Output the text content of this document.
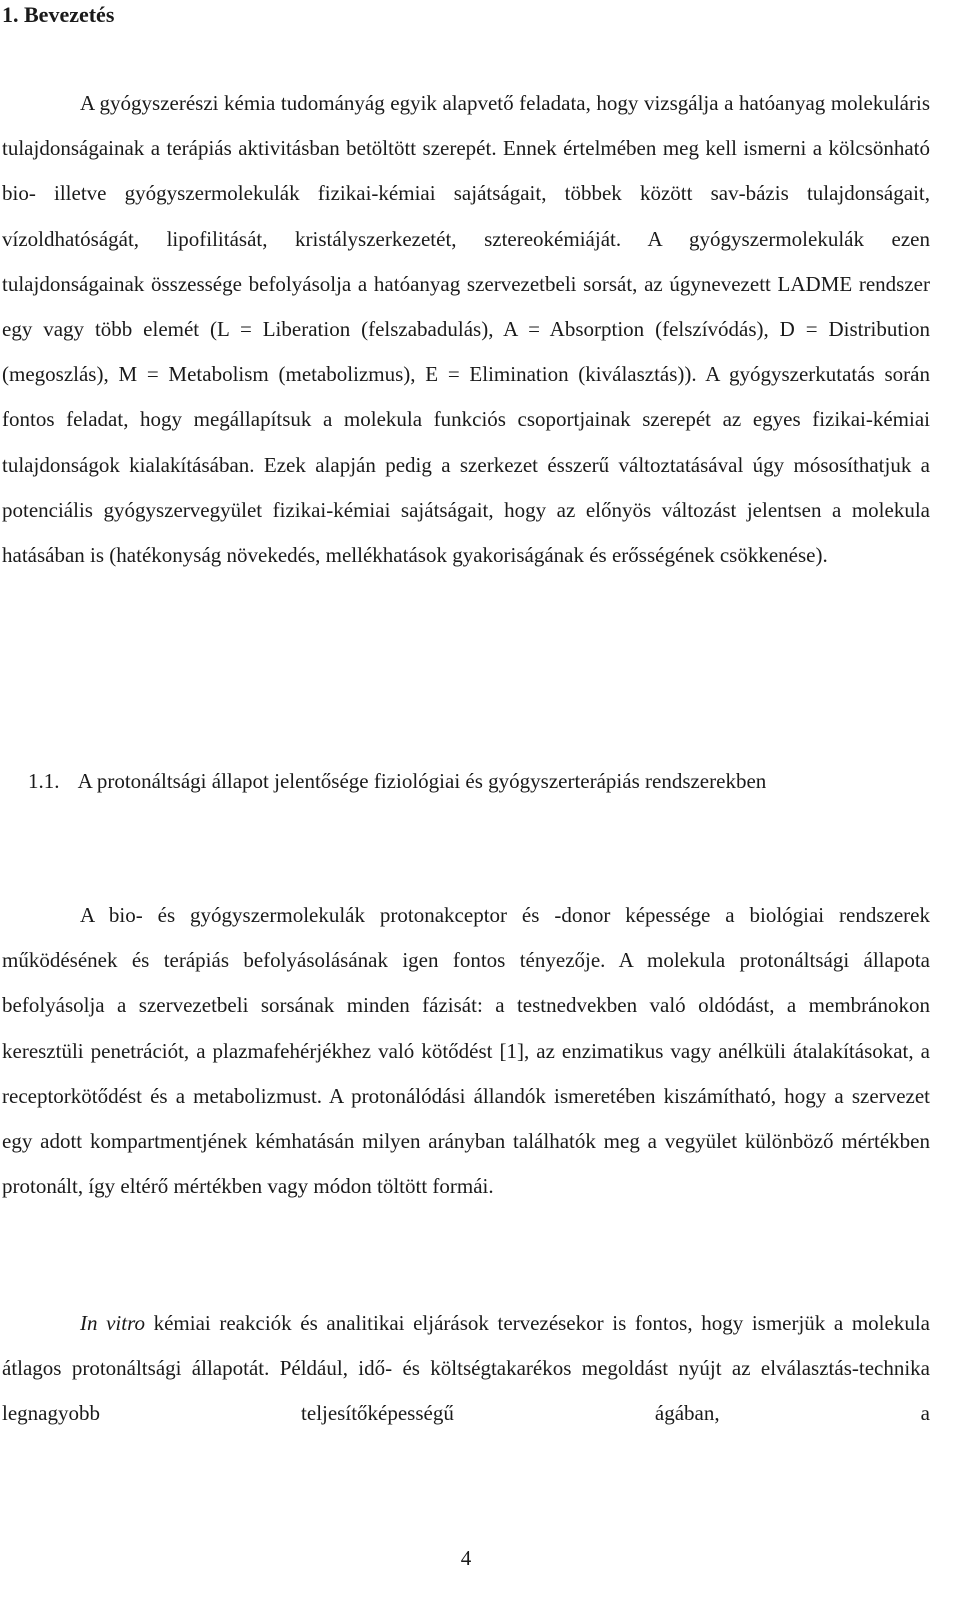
1. Bevezetés

A gyógyszerészi kémia tudományág egyik alapvető feladata, hogy vizsgálja a hatóanyag molekuláris tulajdonságainak a terápiás aktivitásban betöltött szerepét. Ennek értelmében meg kell ismerni a kölcsönható bio- illetve gyógyszermolekulák fizikai-kémiai sajátságait, többek között sav-bázis tulajdonságait, vízoldhatóságát, lipofilitását, kristályszerkezetét, sztereokémiáját. A gyógyszermolekulák ezen tulajdonságainak összessége befolyásolja a hatóanyag szervezetbeli sorsát, az úgynevezett LADME rendszer egy vagy több elemét (L = Liberation (felszabadulás), A = Absorption (felszívódás), D = Distribution (megoszlás), M = Metabolism (metabolizmus), E = Elimination (kiválasztás)). A gyógyszerkutatás során fontos feladat, hogy megállapítsuk a molekula funkciós csoportjainak szerepét az egyes fizikai-kémiai tulajdonságok kialakításában. Ezek alapján pedig a szerkezet ésszerű változtatásával úgy mósosíthatjuk a potenciális gyógyszervegyület fizikai-kémiai sajátságait, hogy az előnyös változást jelentsen a molekula hatásában is (hatékonyság növekedés, mellékhatások gyakoriságának és erősségének csökkenése).

1.1. A protonáltsági állapot jelentősége fiziológiai és gyógyszerterápiás rendszerekben

A bio- és gyógyszermolekulák protonakceptor és -donor képessége a biológiai rendszerek működésének és terápiás befolyásolásának igen fontos tényezője. A molekula protonáltsági állapota befolyásolja a szervezetbeli sorsának minden fázisát: a testnedvekben való oldódást, a membránokon keresztüli penetrációt, a plazmafehérjékhez való kötődést [1], az enzimatikus vagy anélküli átalakításokat, a receptorkötődést és a metabolizmust. A protonálódási állandók ismeretében kiszámítható, hogy a szervezet egy adott kompartmentjének kémhatásán milyen arányban találhatók meg a vegyület különböző mértékben protonált, így eltérő mértékben vagy módon töltött formái.

In vitro kémiai reakciók és analitikai eljárások tervezésekor is fontos, hogy ismerjük a molekula átlagos protonáltsági állapotát. Például, idő- és költségtakarékos megoldást nyújt az elválasztás-technika legnagyobb teljesítőképességű ágában, a

4
